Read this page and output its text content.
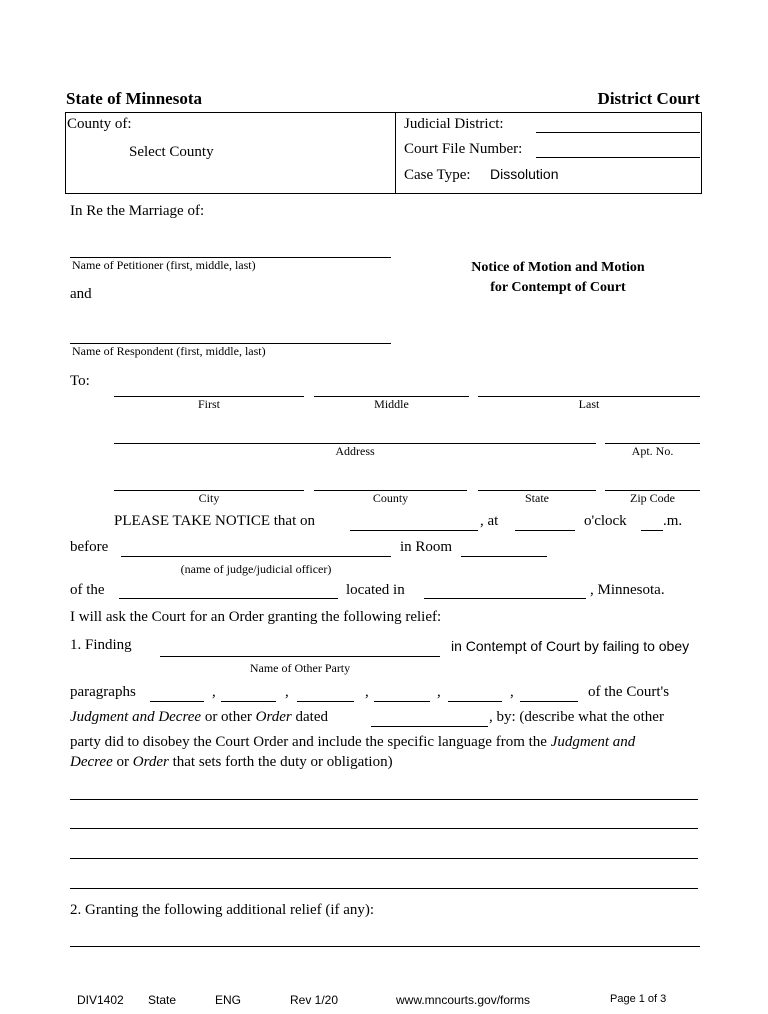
State of Minnesota	District Court
County of:
Select County
Judicial District:
Court File Number:
Case Type: Dissolution
In Re the Marriage of:
Name of Petitioner (first, middle, last)
and
Name of Respondent (first, middle, last)
Notice of Motion and Motion
for Contempt of Court
To:
First	Middle	Last
Address	Apt. No.
City	County	State	Zip Code
PLEASE TAKE NOTICE that on	, at	o'clock .m.
before	in Room
(name of judge/judicial officer)
of the	located in	, Minnesota.
I will ask the Court for an Order granting the following relief:
1. Finding	in Contempt of Court by failing to obey
Name of Other Party
paragraphs	,	,	,	,	,	of the Court's
Judgment and Decree or other Order dated	, by: (describe what the other
party did to disobey the Court Order and include the specific language from the Judgment and
Decree or Order that sets forth the duty or obligation)
2. Granting the following additional relief (if any):
DIV1402 State	ENG	Rev 1/20	www.mncourts.gov/forms	Page 1 of 3
